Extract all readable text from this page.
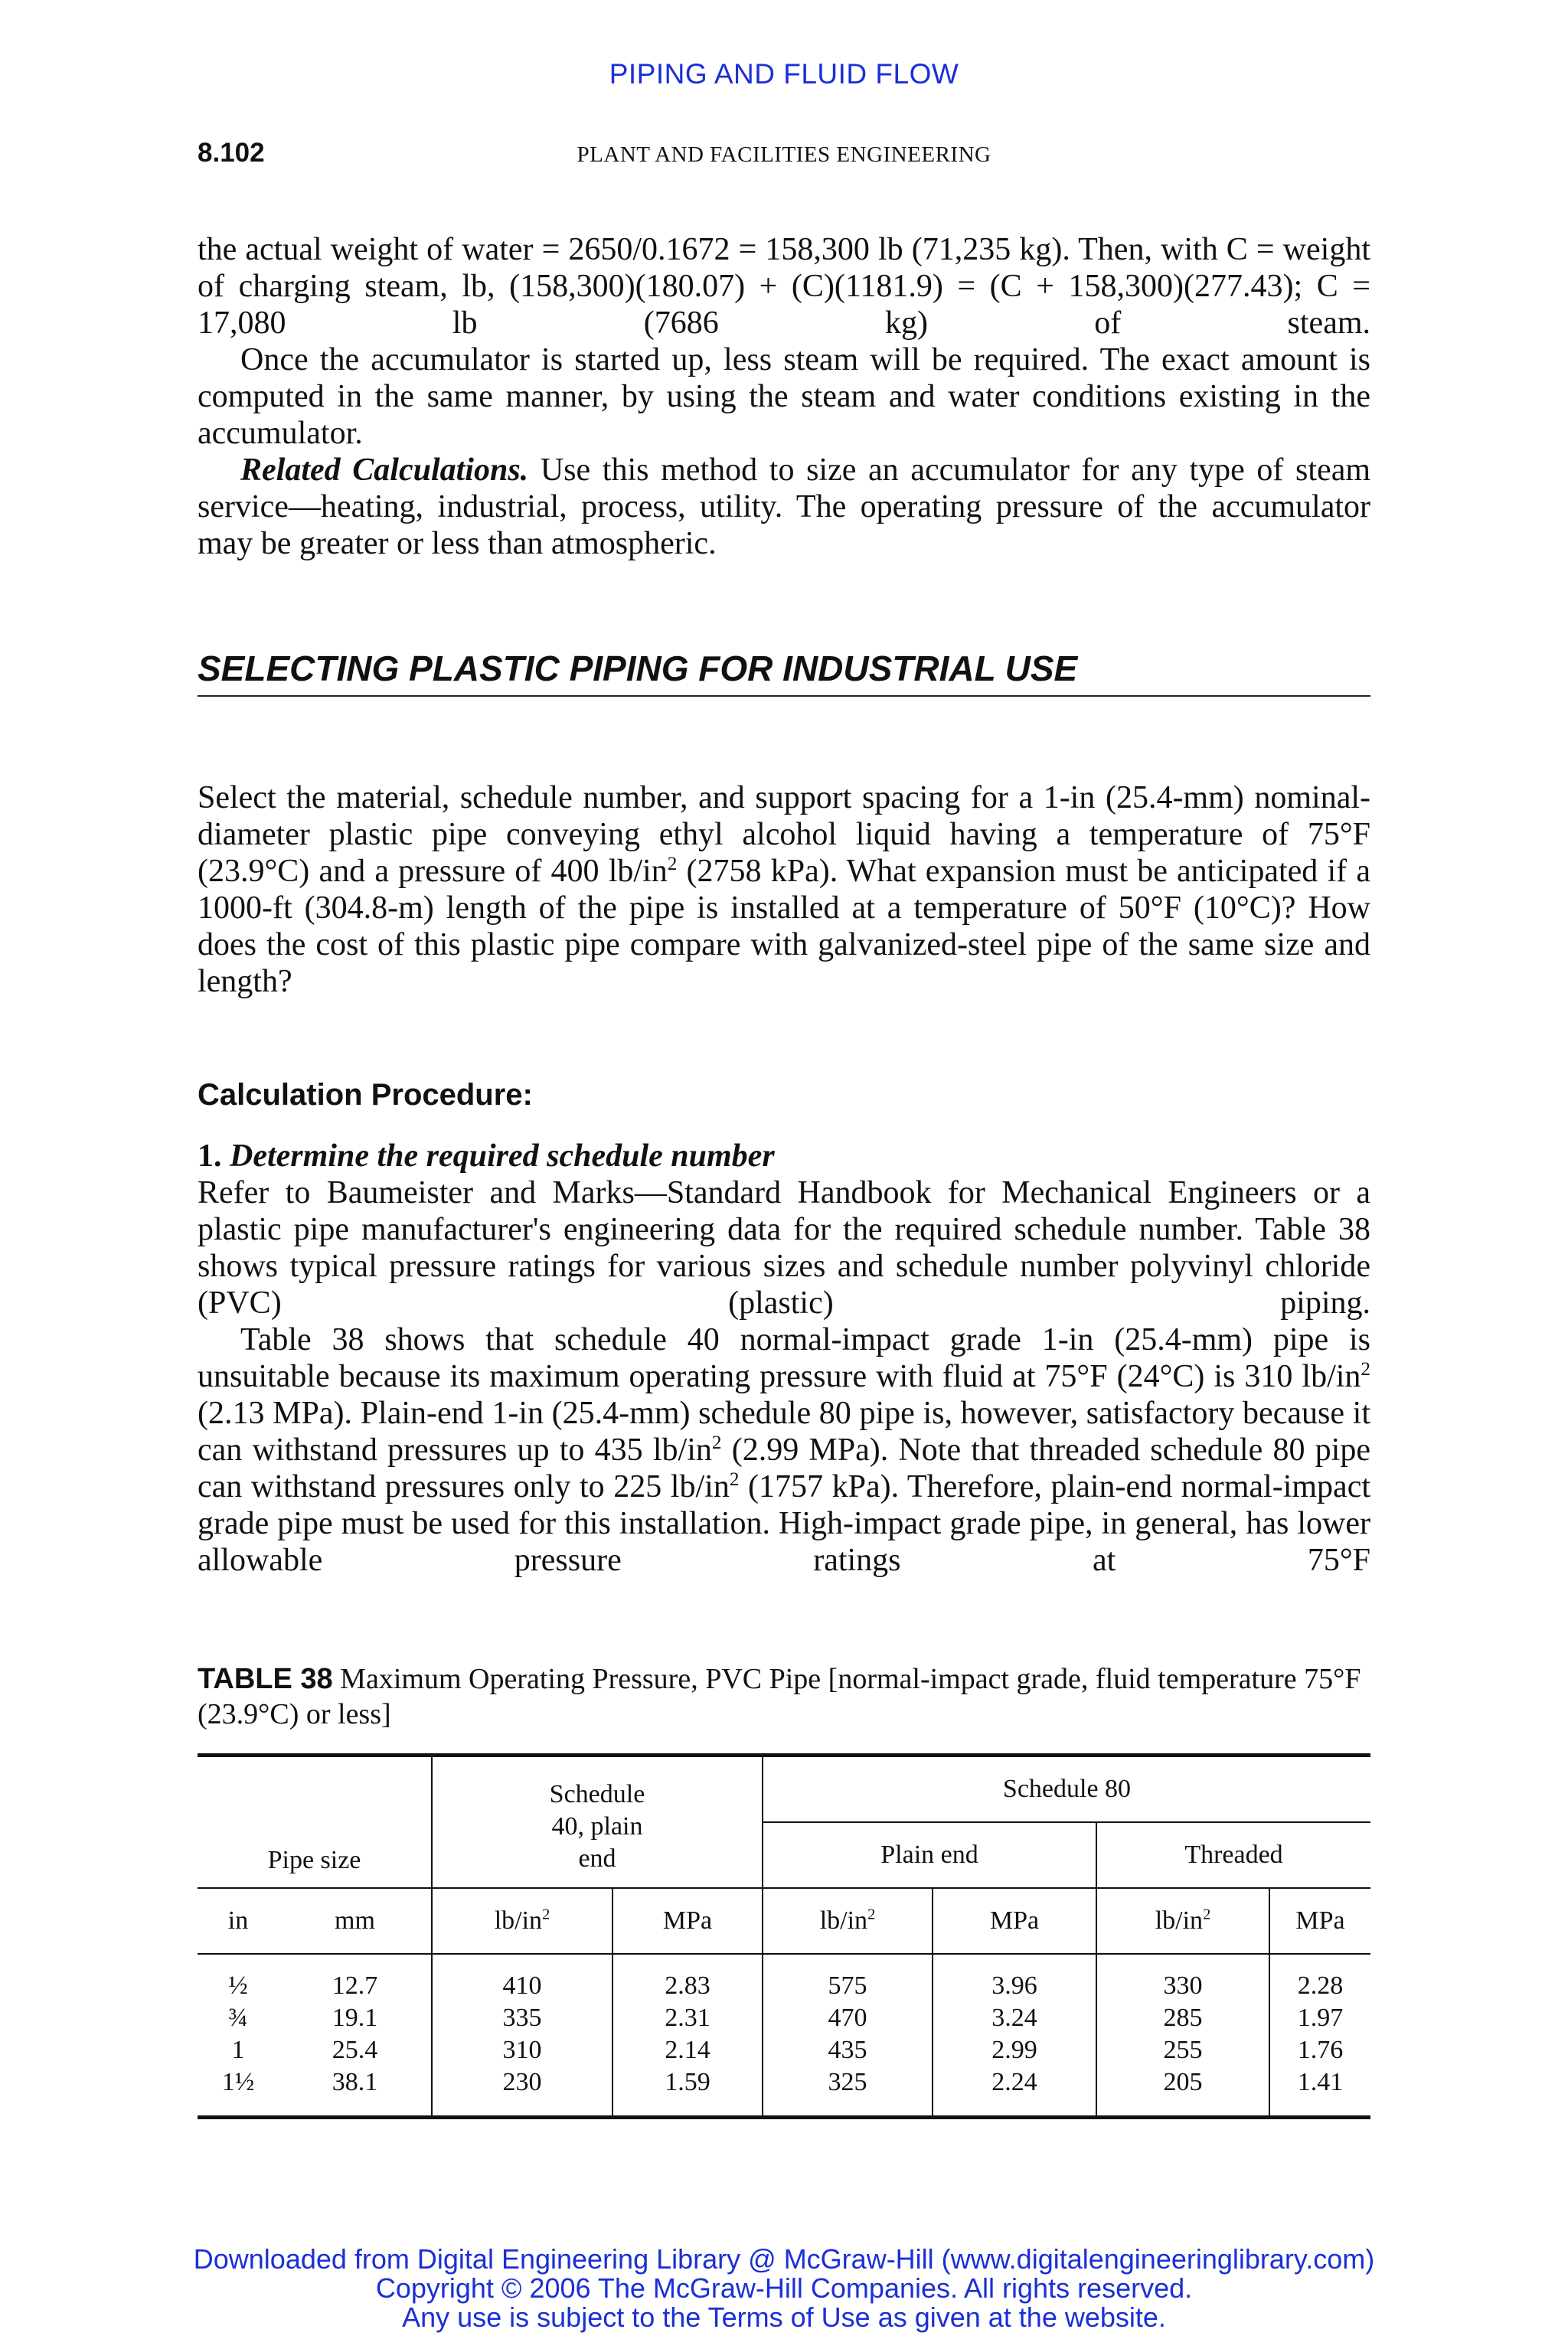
PIPING AND FLUID FLOW
8.102	PLANT AND FACILITIES ENGINEERING
the actual weight of water = 2650/0.1672 = 158,300 lb (71,235 kg). Then, with C = weight of charging steam, lb, (158,300)(180.07) + (C)(1181.9) = (C + 158,300)(277.43); C = 17,080 lb (7686 kg) of steam.
Once the accumulator is started up, less steam will be required. The exact amount is computed in the same manner, by using the steam and water conditions existing in the accumulator.
Related Calculations. Use this method to size an accumulator for any type of steam service—heating, industrial, process, utility. The operating pressure of the accumulator may be greater or less than atmospheric.
SELECTING PLASTIC PIPING FOR INDUSTRIAL USE
Select the material, schedule number, and support spacing for a 1-in (25.4-mm) nominal-diameter plastic pipe conveying ethyl alcohol liquid having a temperature of 75°F (23.9°C) and a pressure of 400 $lb/in^2$ (2758 kPa). What expansion must be anticipated if a 1000-ft (304.8-m) length of the pipe is installed at a temperature of 50°F (10°C)? How does the cost of this plastic pipe compare with galvanized-steel pipe of the same size and length?
Calculation Procedure:
1. Determine the required schedule number
Refer to Baumeister and Marks—Standard Handbook for Mechanical Engineers or a plastic pipe manufacturer's engineering data for the required schedule number. Table 38 shows typical pressure ratings for various sizes and schedule number polyvinyl chloride (PVC) (plastic) piping.
Table 38 shows that schedule 40 normal-impact grade 1-in (25.4-mm) pipe is unsuitable because its maximum operating pressure with fluid at 75°F (24°C) is 310 $lb/in^2$ (2.13 MPa). Plain-end 1-in (25.4-mm) schedule 80 pipe is, however, satisfactory because it can withstand pressures up to 435 $lb/in^2$ (2.99 MPa). Note that threaded schedule 80 pipe can withstand pressures only to 225 $lb/in^2$ (1757 kPa). Therefore, plain-end normal-impact grade pipe must be used for this installation. High-impact grade pipe, in general, has lower allowable pressure ratings at 75°F
TABLE 38 Maximum Operating Pressure, PVC Pipe [normal-impact grade, fluid temperature 75°F (23.9°C) or less]
Pipe size		Schedule 40, plain end		Schedule 80			
				Plain end		Threaded	
in	mm	$lb/in^2$	MPa	$lb/in^2$	MPa	$lb/in^2$	MPa
½	12.7	410	2.83	575	3.96	330	2.28
¾	19.1	335	2.31	470	3.24	285	1.97
1	25.4	310	2.14	435	2.99	255	1.76
1½	38.1	230	1.59	325	2.24	205	1.41
Downloaded from Digital Engineering Library @ McGraw-Hill (www.digitalengineeringlibrary.com)
Copyright © 2006 The McGraw-Hill Companies. All rights reserved.
Any use is subject to the Terms of Use as given at the website.
